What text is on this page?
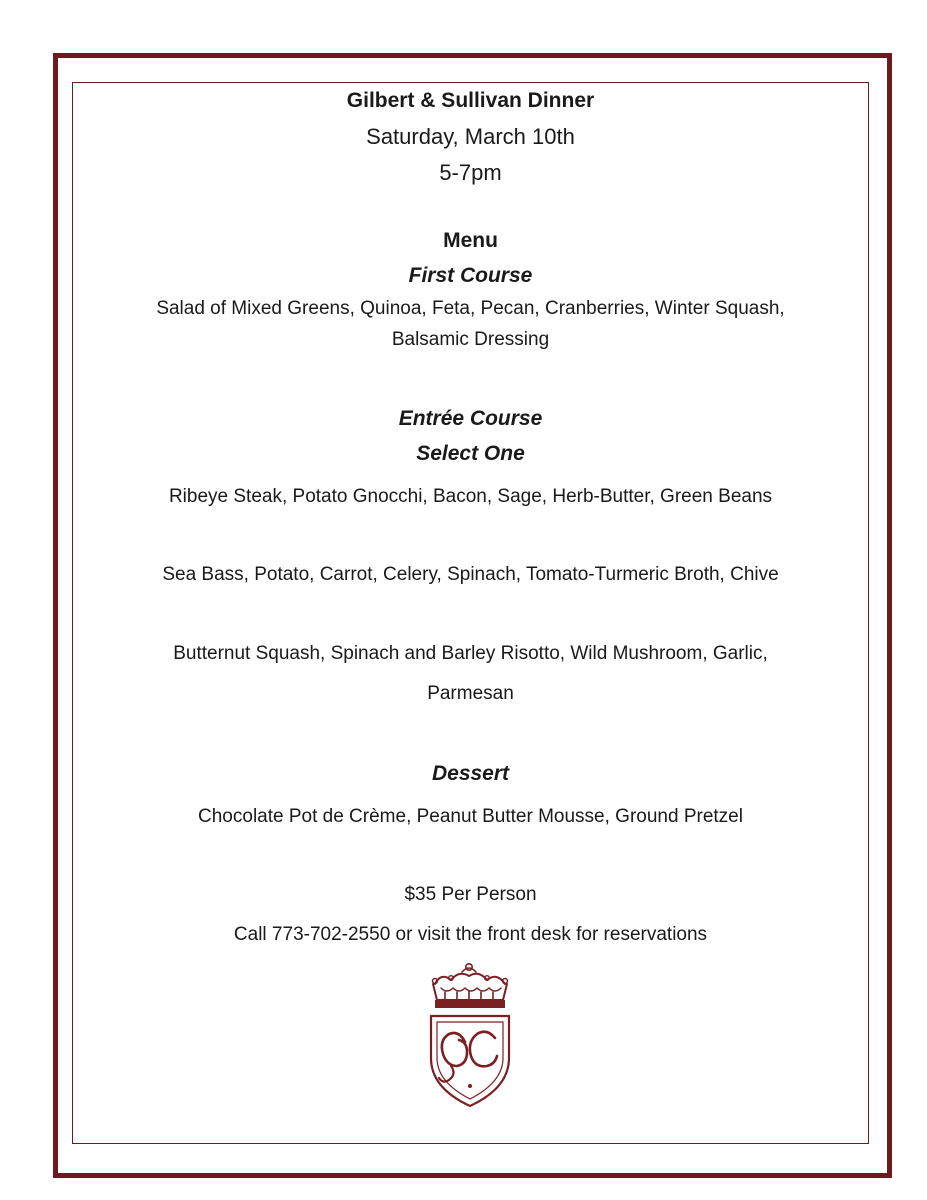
Gilbert & Sullivan Dinner
Saturday, March 10th
5-7pm
Menu
First Course
Salad of Mixed Greens, Quinoa, Feta, Pecan, Cranberries, Winter Squash,
Balsamic Dressing
Entrée Course
Select One
Ribeye Steak, Potato Gnocchi, Bacon, Sage, Herb-Butter, Green Beans
Sea Bass, Potato, Carrot, Celery, Spinach, Tomato-Turmeric Broth, Chive
Butternut Squash, Spinach and Barley Risotto, Wild Mushroom, Garlic,
Parmesan
Dessert
Chocolate Pot de Crème, Peanut Butter Mousse, Ground Pretzel
$35 Per Person
Call 773-702-2550 or visit the front desk for reservations
